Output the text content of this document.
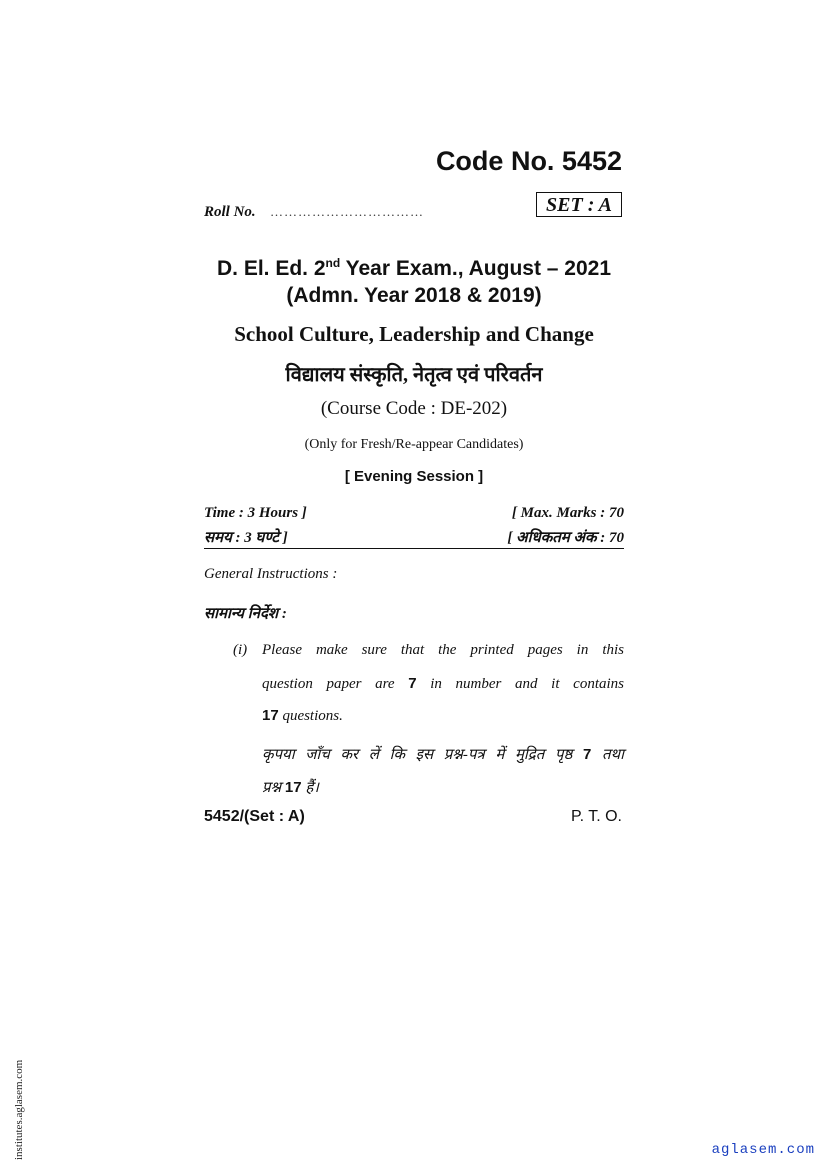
Code No. 5452
Roll No. ……………………………	SET : A
D. El. Ed. 2nd Year Exam., August – 2021
(Admn. Year 2018 & 2019)
School Culture, Leadership and Change
विद्यालय संस्कृति, नेतृत्व एवं परिवर्तन
(Course Code : DE-202)
(Only for Fresh/Re-appear Candidates)
[ Evening Session ]
Time : 3 Hours ]	[ Max. Marks : 70
समय : 3 घण्टे ]	[ अधिकतम अंक : 70
General Instructions :
सामान्य निर्देश :
(i) Please make sure that the printed pages in this
question paper are 7 in number and it contains
17 questions.
कृपया जाँच कर लें कि इस प्रश्न-पत्र में मुद्रित पृष्ठ 7 तथा
प्रश्न 17 हैं।
5452/(Set : A)	P. T. O.
institutes.aglasem.com	aglasem.com
